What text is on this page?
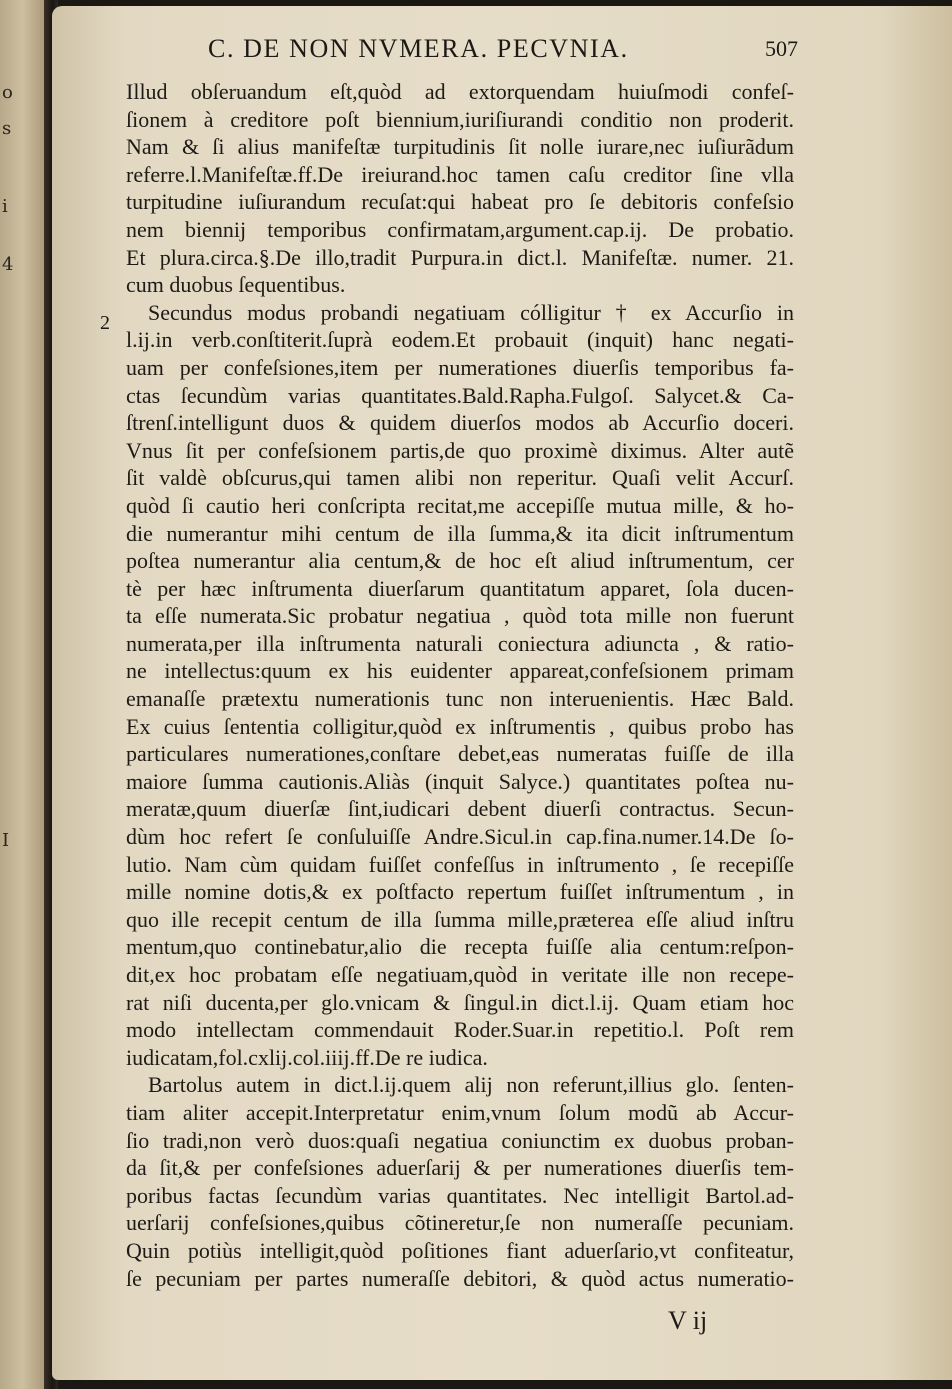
o
s
i
4
I
C. DE NON NVMERA. PECVNIA.	507
2
Illud obſeruandum eſt,quòd ad extorquendam huiuſmodi confeſ-
ſionem à creditore poſt biennium,iuriſiurandi conditio non proderit.
Nam & ſi alius manifeſtæ turpitudinis ſit nolle iurare,nec iuſiurãdum
referre.l.Manifeſtæ.ff.De ireiurand.hoc tamen caſu creditor ſine vlla
turpitudine iuſiurandum recuſat:qui habeat pro ſe debitoris confeſsio
nem biennij temporibus confirmatam,argument.cap.ij. De probatio.
Et plura.circa.§.De illo,tradit Purpura.in dict.l. Manifeſtæ. numer. 21.
cum duobus ſequentibus.
Secundus modus probandi negatiuam cólligitur † ex Accurſio in
l.ij.in verb.conſtiterit.ſuprà eodem.Et probauit (inquit) hanc negati-
uam per confeſsiones,item per numerationes diuerſis temporibus fa-
ctas ſecundùm varias quantitates.Bald.Rapha.Fulgoſ. Salycet.& Ca-
ſtrenſ.intelligunt duos & quidem diuerſos modos ab Accurſio doceri.
Vnus ſit per confeſsionem partis,de quo proximè diximus. Alter autẽ
ſit valdè obſcurus,qui tamen alibi non reperitur. Quaſi velit Accurſ.
quòd ſi cautio heri conſcripta recitat,me accepiſſe mutua mille, & ho-
die numerantur mihi centum de illa ſumma,& ita dicit inſtrumentum
poſtea numerantur alia centum,& de hoc eſt aliud inſtrumentum, cer
tè per hæc inſtrumenta diuerſarum quantitatum apparet, ſola ducen-
ta eſſe numerata.Sic probatur negatiua , quòd tota mille non fuerunt
numerata,per illa inſtrumenta naturali coniectura adiuncta , & ratio-
ne intellectus:quum ex his euidenter appareat,confeſsionem primam
emanaſſe prætextu numerationis tunc non interuenientis. Hæc Bald.
Ex cuius ſententia colligitur,quòd ex inſtrumentis , quibus probo has
particulares numerationes,conſtare debet,eas numeratas fuiſſe de illa
maiore ſumma cautionis.Aliàs (inquit Salyce.) quantitates poſtea nu-
meratæ,quum diuerſæ ſint,iudicari debent diuerſi contractus. Secun-
dùm hoc refert ſe conſuluiſſe Andre.Sicul.in cap.fina.numer.14.De ſo-
lutio. Nam cùm quidam fuiſſet confeſſus in inſtrumento , ſe recepiſſe
mille nomine dotis,& ex poſtfacto repertum fuiſſet inſtrumentum , in
quo ille recepit centum de illa ſumma mille,præterea eſſe aliud inſtru
mentum,quo continebatur,alio die recepta fuiſſe alia centum:reſpon-
dit,ex hoc probatam eſſe negatiuam,quòd in veritate ille non recepe-
rat niſi ducenta,per glo.vnicam & ſingul.in dict.l.ij. Quam etiam hoc
modo intellectam commendauit Roder.Suar.in repetitio.l. Poſt rem
iudicatam,fol.cxlij.col.iiij.ff.De re iudica.
Bartolus autem in dict.l.ij.quem alij non referunt,illius glo. ſenten-
tiam aliter accepit.Interpretatur enim,vnum ſolum modũ ab Accur-
ſio tradi,non verò duos:quaſi negatiua coniunctim ex duobus proban-
da ſit,& per confeſsiones aduerſarij & per numerationes diuerſis tem-
poribus factas ſecundùm varias quantitates. Nec intelligit Bartol.ad-
uerſarij confeſsiones,quibus cõtineretur,ſe non numeraſſe pecuniam.
Quin potiùs intelligit,quòd poſitiones fiant aduerſario,vt confiteatur,
ſe pecuniam per partes numeraſſe debitori, & quòd actus numeratio-
V ij
